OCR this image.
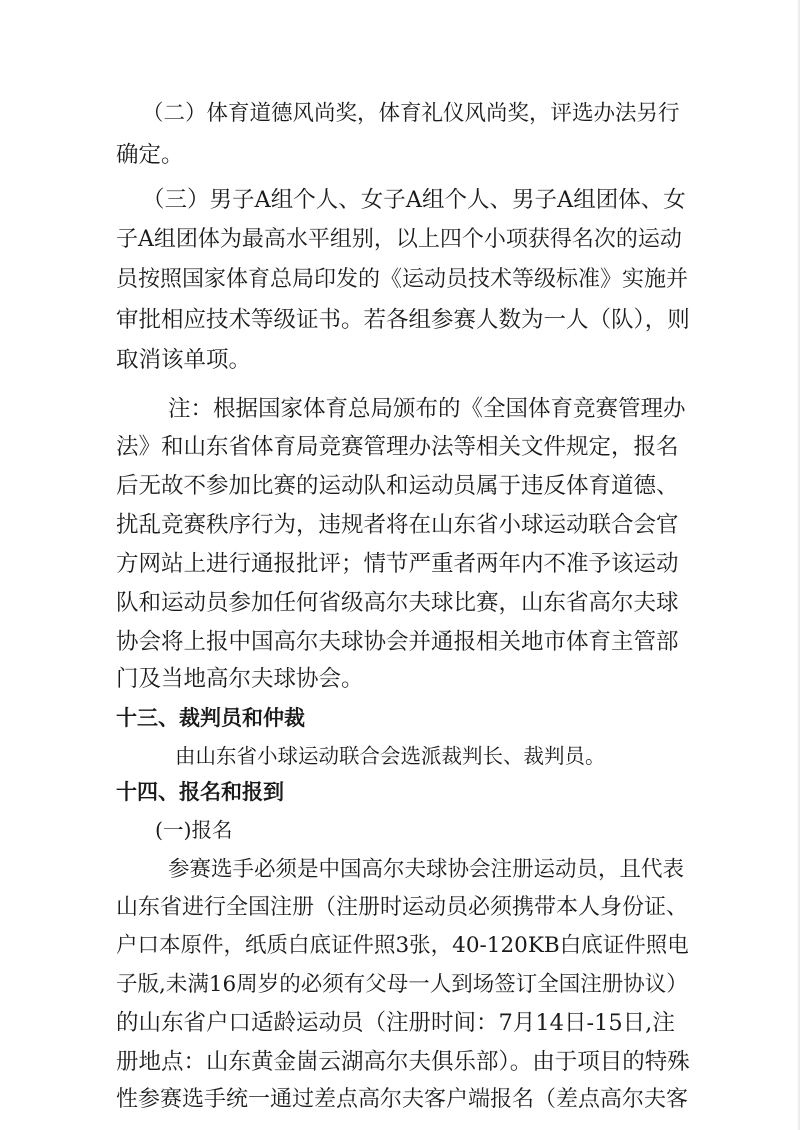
（二）体育道德风尚奖，体育礼仪风尚奖，评选办法另行
确定。
（三）男子A组个人、女子A组个人、男子A组团体、女
子A组团体为最高水平组别，以上四个小项获得名次的运动
员按照国家体育总局印发的《运动员技术等级标准》实施并
审批相应技术等级证书。若各组参赛人数为一人（队），则
取消该单项。
注：根据国家体育总局颁布的《全国体育竞赛管理办
法》和山东省体育局竞赛管理办法等相关文件规定，报名
后无故不参加比赛的运动队和运动员属于违反体育道德、
扰乱竞赛秩序行为，违规者将在山东省小球运动联合会官
方网站上进行通报批评；情节严重者两年内不准予该运动
队和运动员参加任何省级高尔夫球比赛，山东省高尔夫球
协会将上报中国高尔夫球协会并通报相关地市体育主管部
门及当地高尔夫球协会。
十三、裁判员和仲裁
由山东省小球运动联合会选派裁判长、裁判员。
十四、报名和报到
(一)报名
参赛选手必须是中国高尔夫球协会注册运动员，且代表
山东省进行全国注册（注册时运动员必须携带本人身份证、
户口本原件，纸质白底证件照3张，40-120KB白底证件照电
子版,未满16周岁的必须有父母一人到场签订全国注册协议）
的山东省户口适龄运动员（注册时间：7月14日-15日,注
册地点：山东黄金崮云湖高尔夫俱乐部）。由于项目的特殊
性参赛选手统一通过差点高尔夫客户端报名（差点高尔夫客
